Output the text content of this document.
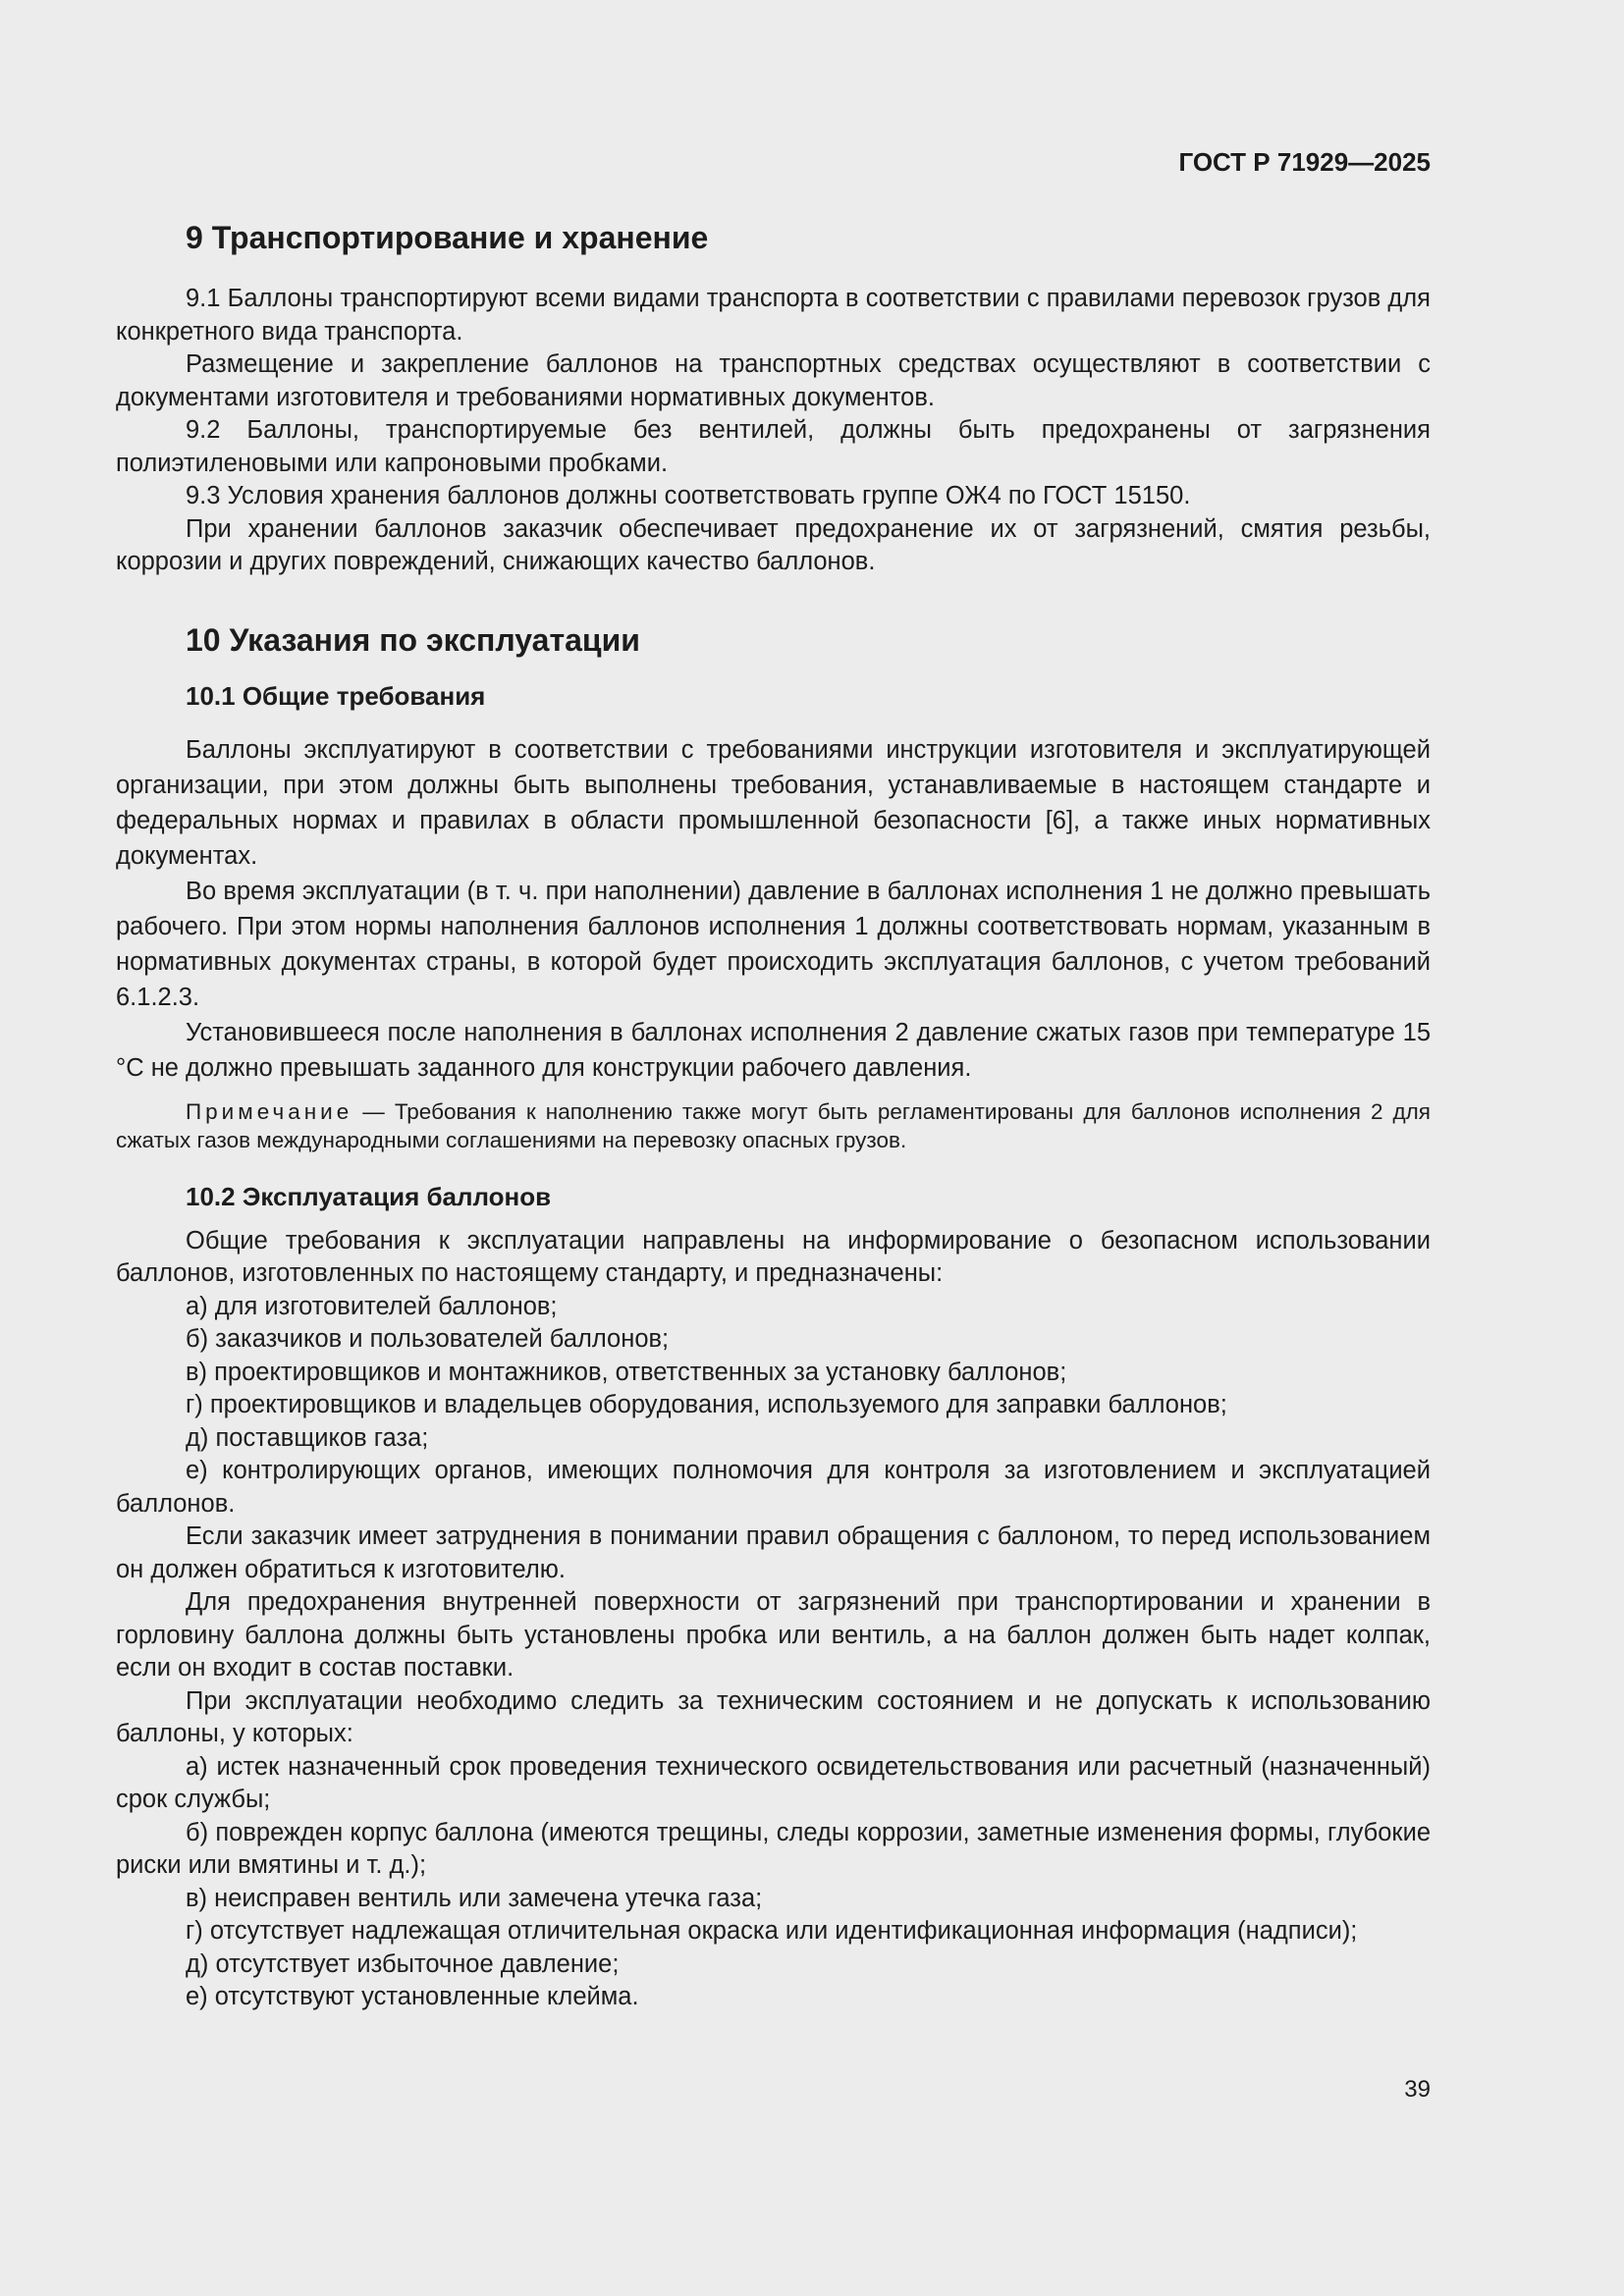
ГОСТ Р 71929—2025
9 Транспортирование и хранение

9.1 Баллоны транспортируют всеми видами транспорта в соответствии с правилами перевозок грузов для конкретного вида транспорта.

Размещение и закрепление баллонов на транспортных средствах осуществляют в соответствии с документами изготовителя и требованиями нормативных документов.

9.2 Баллоны, транспортируемые без вентилей, должны быть предохранены от загрязнения полиэтиленовыми или капроновыми пробками.

9.3 Условия хранения баллонов должны соответствовать группе ОЖ4 по ГОСТ 15150.

При хранении баллонов заказчик обеспечивает предохранение их от загрязнений, смятия резьбы, коррозии и других повреждений, снижающих качество баллонов.

10 Указания по эксплуатации
10.1 Общие требования

Баллоны эксплуатируют в соответствии с требованиями инструкции изготовителя и эксплуатирующей организации, при этом должны быть выполнены требования, устанавливаемые в настоящем стандарте и федеральных нормах и правилах в области промышленной безопасности [6], а также иных нормативных документах.

Во время эксплуатации (в т. ч. при наполнении) давление в баллонах исполнения 1 не должно превышать рабочего. При этом нормы наполнения баллонов исполнения 1 должны соответствовать нормам, указанным в нормативных документах страны, в которой будет происходить эксплуатация баллонов, с учетом требований 6.1.2.3.

Установившееся после наполнения в баллонах исполнения 2 давление сжатых газов при температуре 15 °С не должно превышать заданного для конструкции рабочего давления.

Примечание — Требования к наполнению также могут быть регламентированы для баллонов исполнения 2 для сжатых газов международными соглашениями на перевозку опасных грузов.

10.2 Эксплуатация баллонов

Общие требования к эксплуатации направлены на информирование о безопасном использовании баллонов, изготовленных по настоящему стандарту, и предназначены:

а) для изготовителей баллонов;

б) заказчиков и пользователей баллонов;

в) проектировщиков и монтажников, ответственных за установку баллонов;

г) проектировщиков и владельцев оборудования, используемого для заправки баллонов;

д) поставщиков газа;

е) контролирующих органов, имеющих полномочия для контроля за изготовлением и эксплуатацией баллонов.

Если заказчик имеет затруднения в понимании правил обращения с баллоном, то перед использованием он должен обратиться к изготовителю.

Для предохранения внутренней поверхности от загрязнений при транспортировании и хранении в горловину баллона должны быть установлены пробка или вентиль, а на баллон должен быть надет колпак, если он входит в состав поставки.

При эксплуатации необходимо следить за техническим состоянием и не допускать к использованию баллоны, у которых:

а) истек назначенный срок проведения технического освидетельствования или расчетный (назначенный) срок службы;

б) поврежден корпус баллона (имеются трещины, следы коррозии, заметные изменения формы, глубокие риски или вмятины и т. д.);

в) неисправен вентиль или замечена утечка газа;

г) отсутствует надлежащая отличительная окраска или идентификационная информация (надписи);

д) отсутствует избыточное давление;

е) отсутствуют установленные клейма.

39
